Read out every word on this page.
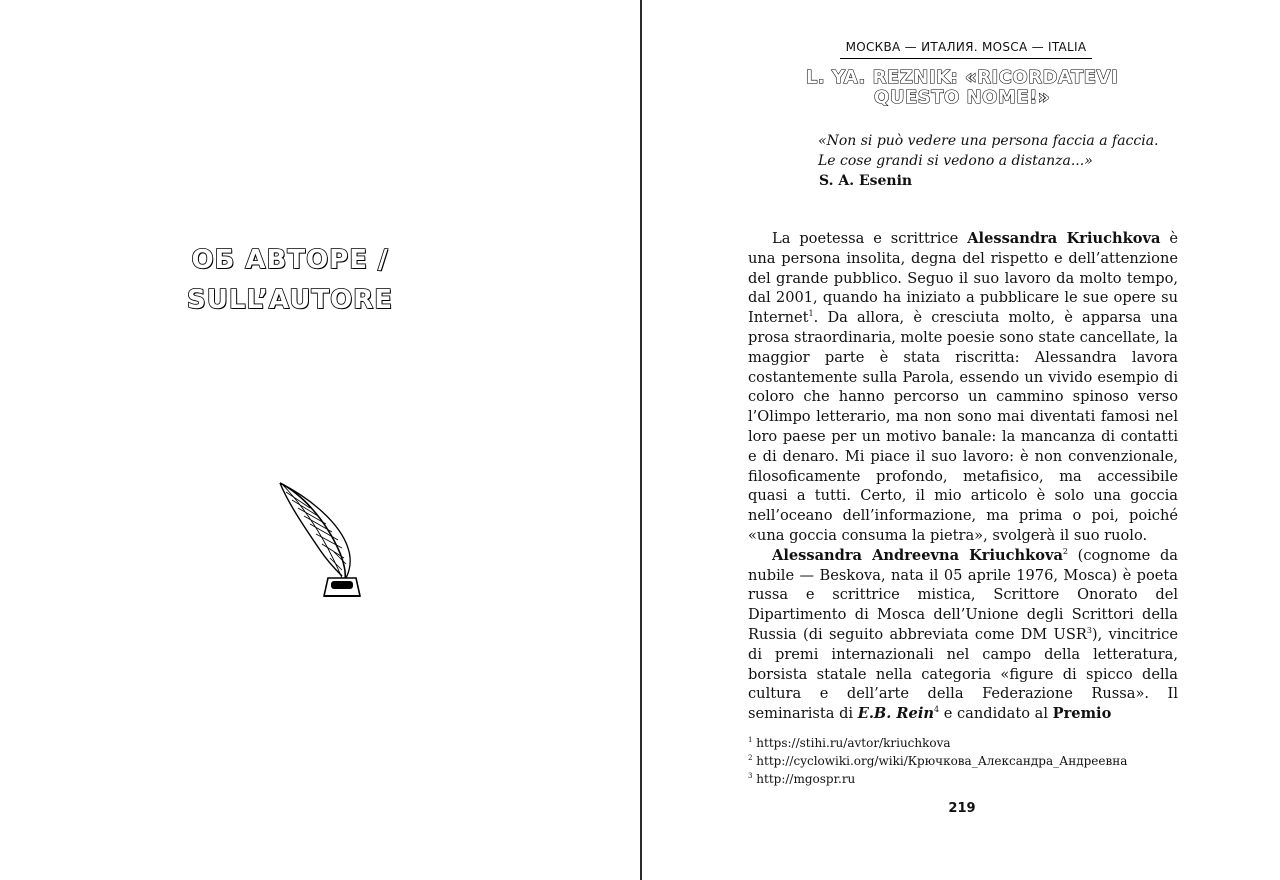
ОБ АВТОРЕ /
SULL’AUTORE
МОСКВА — ИТАЛИЯ. MOSCA — ITALIA
L. YA. REZNIK: «RICORDATEVI
QUESTO NOME!»
«Non si può vedere una persona faccia a faccia.
Le cose grandi si vedono a distanza...»
S. A. Esenin

La poetessa e scrittrice Alessandra Kriuchkova è una persona insolita, degna del rispetto e dell’attenzione del grande pubblico. Seguo il suo lavoro da molto tempo, dal 2001, quando ha iniziato a pubblicare le sue opere su Internet$^1$. Da allora, è cresciuta molto, è apparsa una prosa straordinaria, molte poesie sono state cancellate, la maggior parte è stata riscritta: Alessandra lavora costantemente sulla Parola, essendo un vivido esempio di coloro che hanno percorso un cammino spinoso verso l’Olimpo letterario, ma non sono mai diventati famosi nel loro paese per un motivo banale: la mancanza di contatti e di denaro. Mi piace il suo lavoro: è non convenzionale, filosoficamente profondo, metafisico, ma accessibile quasi a tutti. Certo, il mio articolo è solo una goccia nell’oceano dell’informazione, ma prima o poi, poiché «una goccia consuma la pietra», svolgerà il suo ruolo.

Alessandra Andreevna Kriuchkova$^2$ (cognome da nubile — Beskova, nata il 05 aprile 1976, Mosca) è poeta russa e scrittrice mistica, Scrittore Onorato del Dipartimento di Mosca dell’Unione degli Scrittori della Russia (di seguito abbreviata come DM USR$^3$), vincitrice di premi internazionali nel campo della letteratura, borsista statale nella categoria «figure di spicco della cultura e dell’arte della Federazione Russa». Il seminarista di E.B. Rein$^4$ e candidato al Premio

$^1$ https://stihi.ru/avtor/kriuchkova
$^2$ http://cyclowiki.org/wiki/Крючкова_Александра_Андреевна
$^3$ http://mgospr.ru
219
